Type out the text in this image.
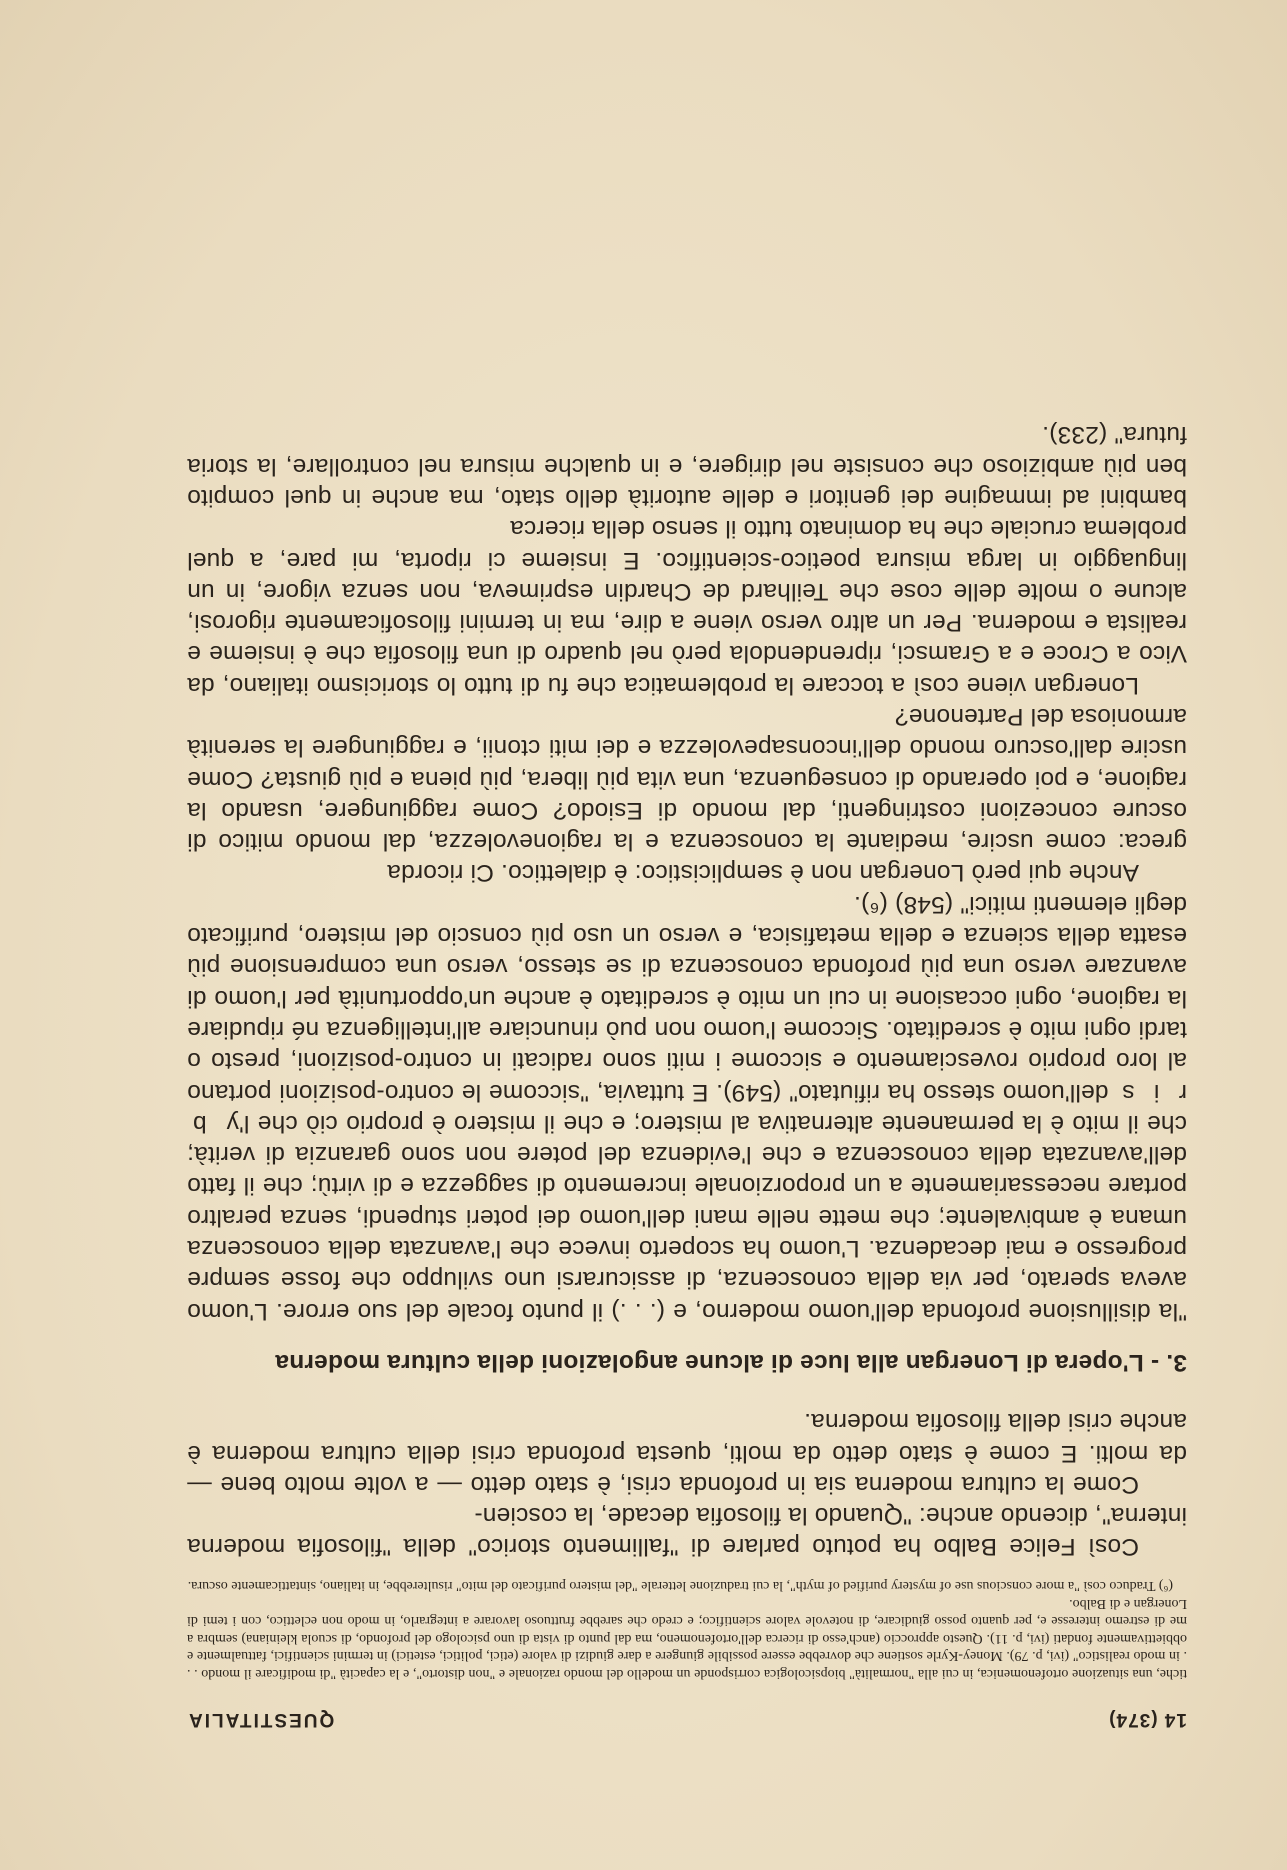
14 (374)
QUESTITALIA

tiche, una situazione ortofenomenica, in cui alla "normalità" biopsicologica corrisponde un modello del mondo razionale e "non distorto", e la capacità "di modificare il mondo . . . in modo realistico" (ivi, p. 79). Money-Kyrle sostiene che dovrebbe essere possibile giungere a dare giudizi di valore (etici, politici, estetici) in termini scientifici, fattualmente e obbiettivamente fondati (ivi, p. 11). Questo approccio (anch'esso di ricerca dell'ortofenomeno, ma dal punto di vista di uno psicologo del profondo, di scuola kleiniana) sembra a me di estremo interesse e, per quanto posso giudicare, di notevole valore scientifico; e credo che sarebbe fruttuoso lavorare a integrarlo, in modo non eclettico, con i temi di Lonergan e di Balbo.

(⁶) Traduco così "a more conscious use of mystery purified of myth", la cui traduzione letterale "del mistero purificato del mito" risulterebbe, in italiano, sintatticamente oscura.

Così Felice Balbo ha potuto parlare di "fallimento storico" della "filosofia moderna interna", dicendo anche: "Quando la filosofia decade, la coscien-

Come la cultura moderna sia in profonda crisi, è stato detto — a volte molto bene — da molti. E come è stato detto da molti, questa profonda crisi della cultura moderna è anche crisi della filosofia moderna.

3. - L'opera di Lonergan alla luce di alcune angolazioni della cultura moderna

"la disillusione profonda dell'uomo moderno, e (. . .) il punto focale del suo errore. L'uomo aveva sperato, per via della conoscenza, di assicurarsi uno sviluppo che fosse sempre progresso e mai decadenza. L'uomo ha scoperto invece che l'avanzata della conoscenza umana è ambivalente; che mette nelle mani dell'uomo dei poteri stupendi, senza peraltro portare necessariamente a un proporzionale incremento di saggezza e di virtù; che il fatto dell'avanzata della conoscenza e che l'evidenza del potere non sono garanzia di verità; che il mito è la permanente alternativa al mistero; e che il mistero è proprio ciò che l'y b r i s dell'uomo stesso ha rifiutato" (549). E tuttavia, "siccome le contro-posizioni portano al loro proprio rovesciamento e siccome i miti sono radicati in contro-posizioni, presto o tardi ogni mito è screditato. Siccome l'uomo non può rinunciare all'intelligenza né ripudiare la ragione, ogni occasione in cui un mito è screditato è anche un'opportunità per l'uomo di avanzare verso una più profonda conoscenza di se stesso, verso una comprensione più esatta della scienza e della metafisica, e verso un uso più conscio del mistero, purificato degli elementi mitici" (548) (⁶).

Anche qui però Lonergan non è semplicistico: è dialettico. Ci ricorda

greca: come uscire, mediante la conoscenza e la ragionevolezza, dal mondo mitico di oscure concezioni costringenti, dal mondo di Esiodo? Come raggiungere, usando la ragione, e poi operando di conseguenza, una vita più libera, più piena e più giusta? Come uscire dall'oscuro mondo dell'inconsapevolezza e dei miti ctonii, e raggiungere la serenità armoniosa del Partenone?

Lonergan viene così a toccare la problematica che fu di tutto lo storicismo italiano, da Vico a Croce e a Gramsci, riprendendola però nel quadro di una filosofia che è insieme e realista e moderna. Per un altro verso viene a dire, ma in termini filosoficamente rigorosi, alcune o molte delle cose che Teilhard de Chardin esprimeva, non senza vigore, in un linguaggio in larga misura poetico-scientifico. E insieme ci riporta, mi pare, a quel problema cruciale che ha dominato tutto il senso della ricerca

bambini ad immagine dei genitori e delle autorità dello stato, ma anche in quel compito ben più ambizioso che consiste nel dirigere, e in qualche misura nel controllare, la storia futura" (233).
